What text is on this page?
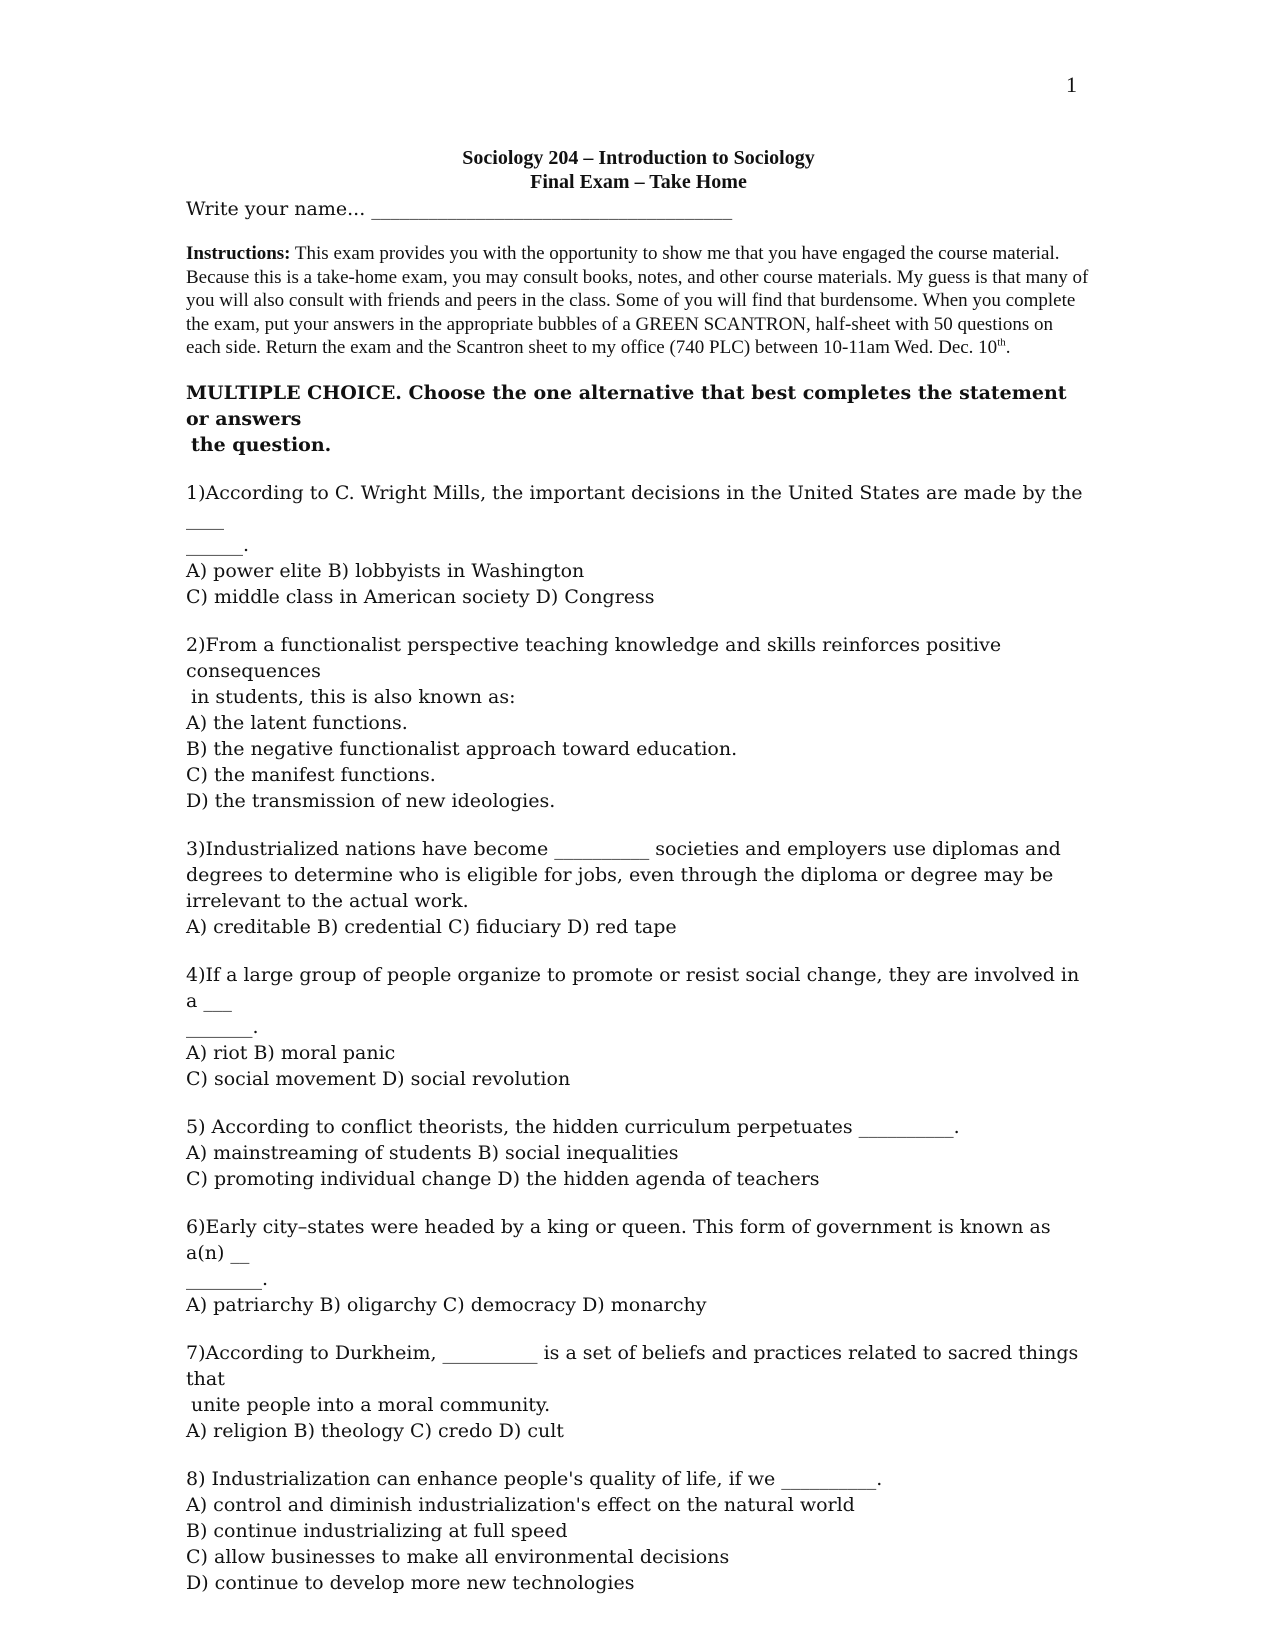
1
Sociology 204 – Introduction to Sociology
Final Exam – Take Home
Write your name... ______________________________________
Instructions: This exam provides you with the opportunity to show me that you have engaged the course material. Because this is a take-home exam, you may consult books, notes, and other course materials. My guess is that many of you will also consult with friends and peers in the class. Some of you will find that burdensome. When you complete the exam, put your answers in the appropriate bubbles of a GREEN SCANTRON, half-sheet with 50 questions on each side. Return the exam and the Scantron sheet to my office (740 PLC) between 10-11am Wed. Dec. 10th.
MULTIPLE CHOICE. Choose the one alternative that best completes the statement or answers
the question.
1)According to C. Wright Mills, the important decisions in the United States are made by the ____
______.
A) power elite B) lobbyists in Washington
C) middle class in American society D) Congress
2)From a functionalist perspective teaching knowledge and skills reinforces positive consequences
in students, this is also known as:
A) the latent functions.
B) the negative functionalist approach toward education.
C) the manifest functions.
D) the transmission of new ideologies.
3)Industrialized nations have become __________ societies and employers use diplomas and
degrees to determine who is eligible for jobs, even through the diploma or degree may be
irrelevant to the actual work.
A) creditable B) credential C) fiduciary D) red tape
4)If a large group of people organize to promote or resist social change, they are involved in a ___
_______.
A) riot B) moral panic
C) social movement D) social revolution
5) According to conflict theorists, the hidden curriculum perpetuates __________.
A) mainstreaming of students B) social inequalities
C) promoting individual change D) the hidden agenda of teachers
6)Early city–states were headed by a king or queen. This form of government is known as a(n) __
________.
A) patriarchy B) oligarchy C) democracy D) monarchy
7)According to Durkheim, __________ is a set of beliefs and practices related to sacred things that
unite people into a moral community.
A) religion B) theology C) credo D) cult
8) Industrialization can enhance people's quality of life, if we __________.
A) control and diminish industrialization's effect on the natural world
B) continue industrializing at full speed
C) allow businesses to make all environmental decisions
D) continue to develop more new technologies
